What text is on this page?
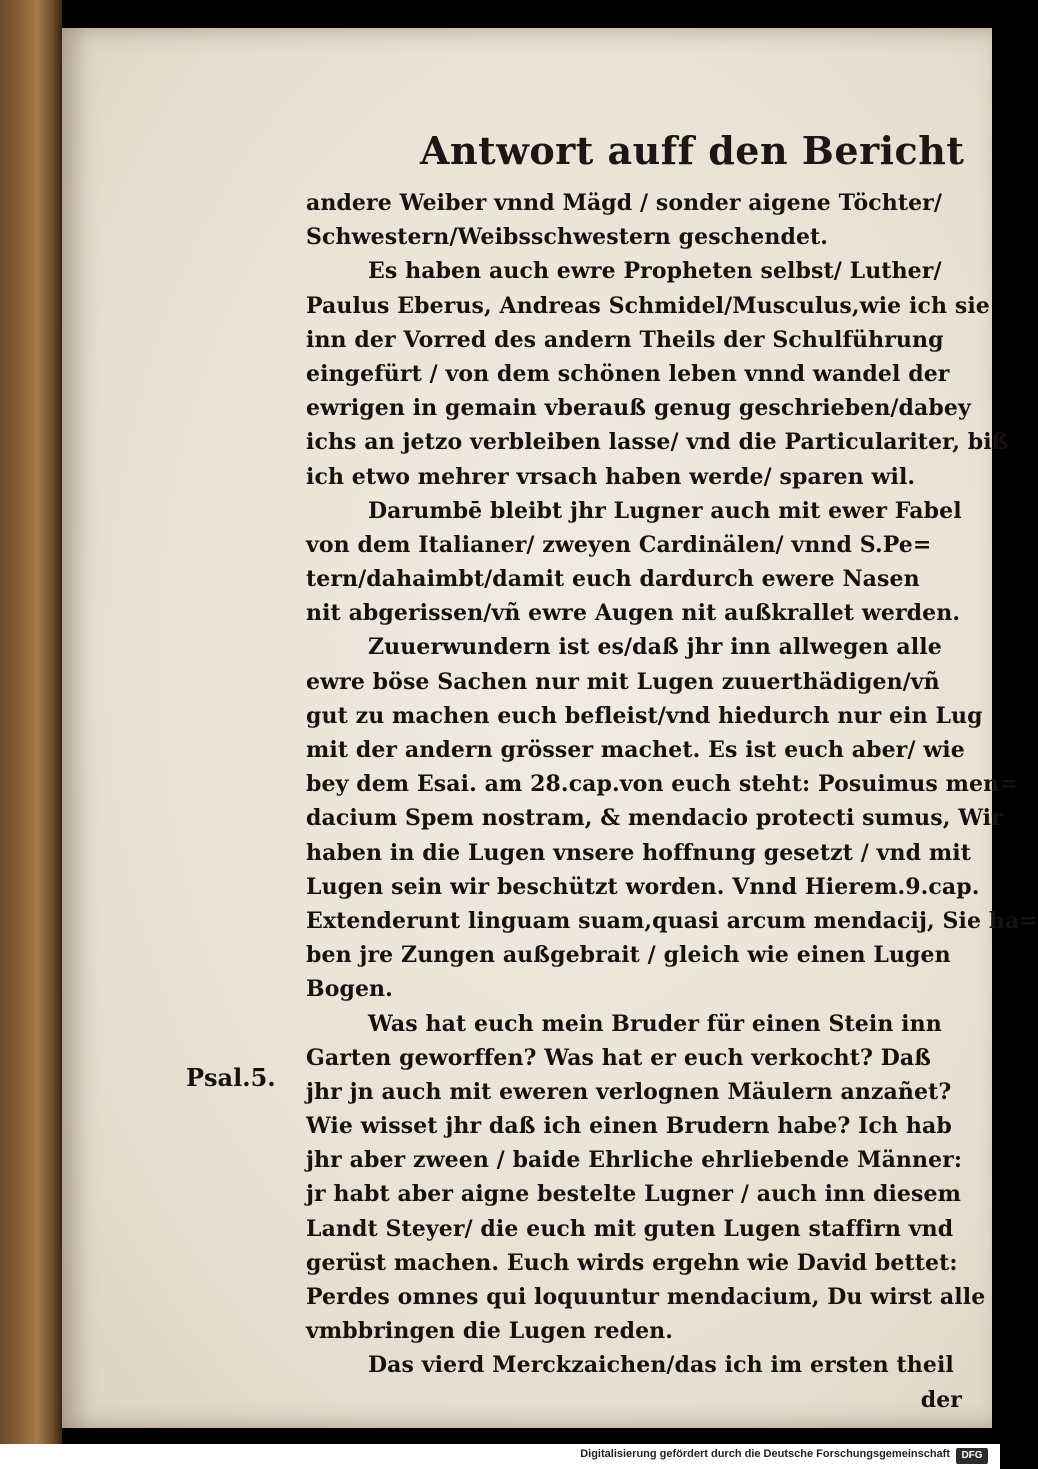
Antwort auff den Bericht
andere Weiber vnnd Mägd / sonder aigene Töchter/
Schwestern/Weibsschwestern geschendet.
Es haben auch ewre Propheten selbst/ Luther/
Paulus Eberus, Andreas Schmidel/Musculus,wie ich sie
inn der Vorred des andern Theils der Schulführung
eingefürt / von dem schönen leben vnnd wandel der
ewrigen in gemain vberauß genug geschrieben/dabey
ichs an jetzo verbleiben lasse/ vnd die Particulariter, biß
ich etwo mehrer vrsach haben werde/ sparen wil.
Darumbē bleibt jhr Lugner auch mit ewer Fabel
von dem Italianer/ zweyen Cardinälen/ vnnd S.Pe=
tern/dahaimbt/damit euch dardurch ewere Nasen
nit abgerissen/vñ ewre Augen nit außkrallet werden.
Zuuerwundern ist es/daß jhr inn allwegen alle
ewre böse Sachen nur mit Lugen zuuerthädigen/vñ
gut zu machen euch befleist/vnd hiedurch nur ein Lug
mit der andern grösser machet. Es ist euch aber/ wie
bey dem Esai. am 28.cap.von euch steht: Posuimus men=
dacium Spem nostram, & mendacio protecti sumus, Wir
haben in die Lugen vnsere hoffnung gesetzt / vnd mit
Lugen sein wir beschützt worden. Vnnd Hierem.9.cap.
Extenderunt linguam suam,quasi arcum mendacij, Sie ha=
ben jre Zungen außgebrait / gleich wie einen Lugen
Bogen.
Was hat euch mein Bruder für einen Stein inn
Garten geworffen? Was hat er euch verkocht? Daß
jhr jn auch mit eweren verlognen Mäulern anzañet?
Wie wisset jhr daß ich einen Brudern habe? Ich hab
jhr aber zween / baide Ehrliche ehrliebende Männer:
jr habt aber aigne bestelte Lugner / auch inn diesem
Landt Steyer/ die euch mit guten Lugen staffirn vnd
gerüst machen. Euch wirds ergehn wie David bettet:
Perdes omnes qui loquuntur mendacium, Du wirst alle
vmbbringen die Lugen reden.
Das vierd Merckzaichen/das ich im ersten theil
der
Psal.5.
Digitalisierung gefördert durch die Deutsche Forschungsgemeinschaft	DFG
